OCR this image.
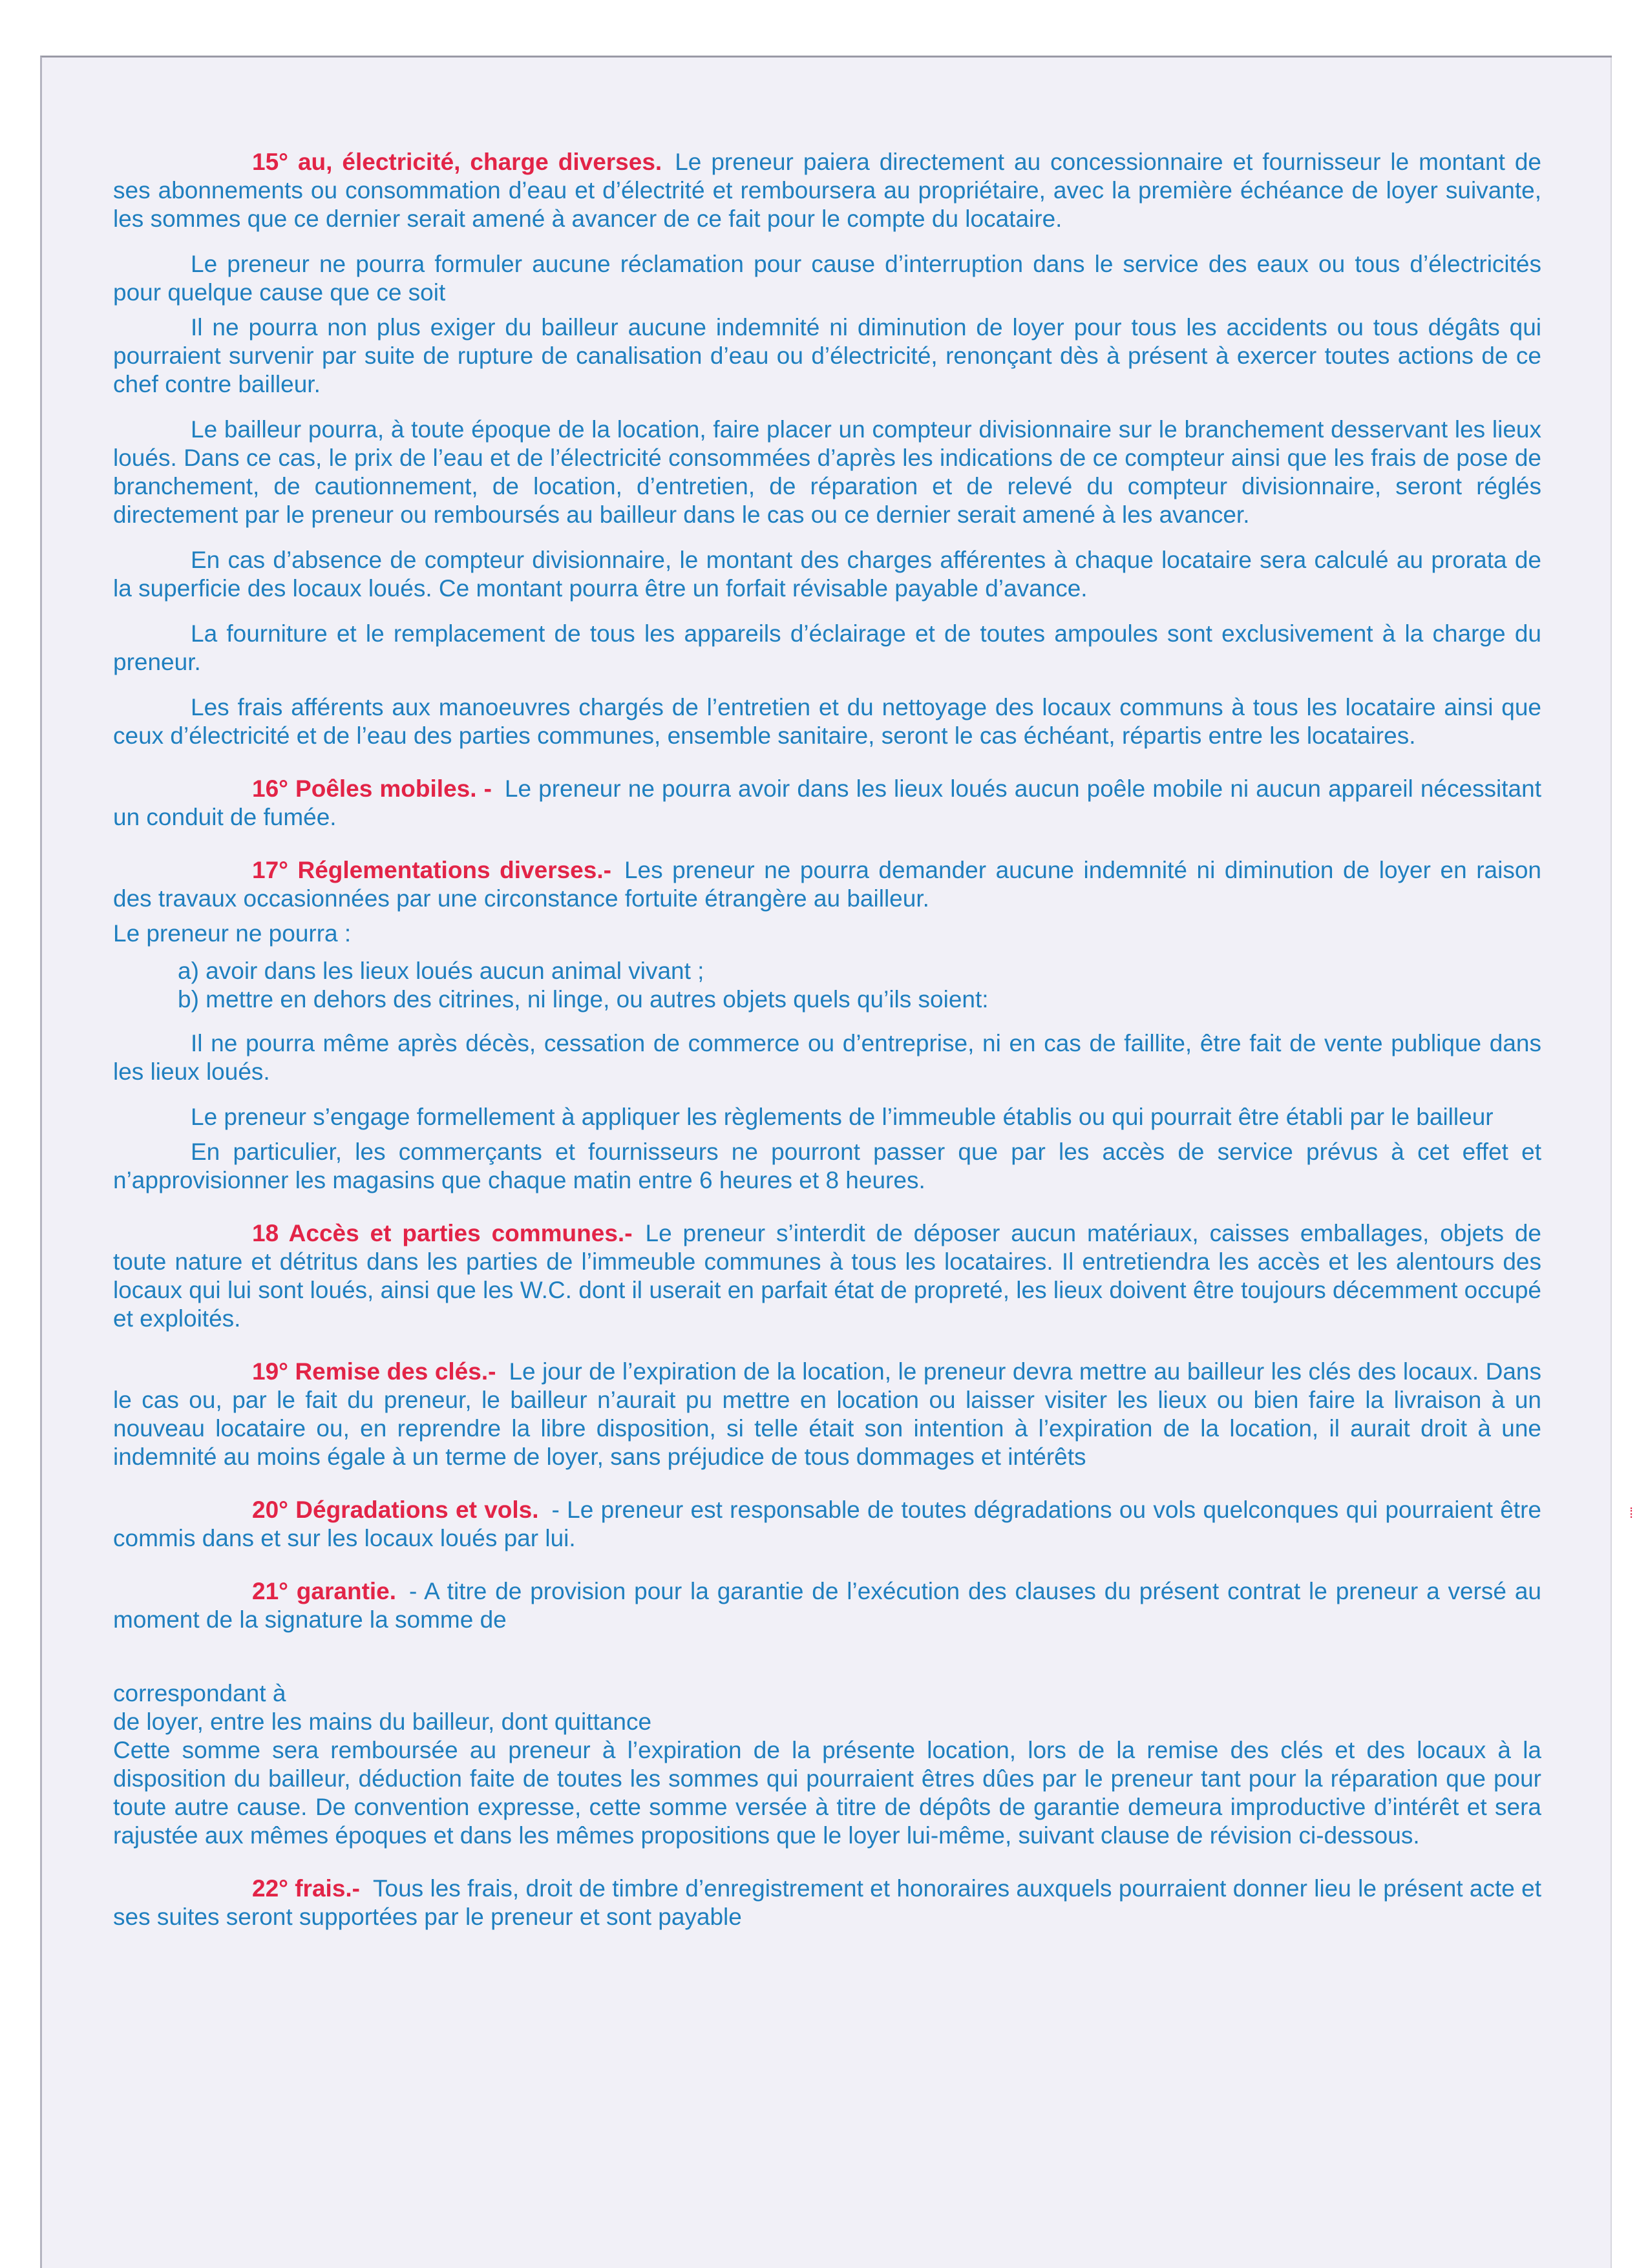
15° au, électricité, charge diverses. Le preneur paiera directement au concessionnaire et fournisseur le montant de ses abonnements ou consommation d’eau et d’électrité et remboursera au propriétaire, avec la première échéance de loyer suivante, les sommes que ce dernier serait amené à avancer de ce fait pour le compte du locataire.

Le preneur ne pourra formuler aucune réclamation pour cause d’interruption dans le service des eaux ou tous d’électricités pour quelque cause que ce soit

Il ne pourra non plus exiger du bailleur aucune indemnité ni diminution de loyer pour tous les accidents ou tous dégâts qui pourraient survenir par suite de rupture de canalisation d’eau ou d’électricité, renonçant dès à présent à exercer toutes actions de ce chef contre bailleur.

Le bailleur pourra, à toute époque de la location, faire placer un compteur divisionnaire sur le branchement desservant les lieux loués. Dans ce cas, le prix de l’eau et de l’électricité consommées d’après les indications de ce compteur ainsi que les frais de pose de branchement, de cautionnement, de location, d’entretien, de réparation et de relevé du compteur divisionnaire, seront réglés directement par le preneur ou remboursés au bailleur dans le cas ou ce dernier serait amené à les avancer.

En cas d’absence de compteur divisionnaire, le montant des charges afférentes à chaque locataire sera calculé au prorata de la superficie des locaux loués. Ce montant pourra être un forfait révisable payable d’avance.

La fourniture et le remplacement de tous les appareils d’éclairage et de toutes ampoules sont exclusivement à la charge du preneur.

Les frais afférents aux manoeuvres chargés de l’entretien et du nettoyage des locaux communs à tous les locataire ainsi que ceux d’électricité et de l’eau des parties communes, ensemble sanitaire, seront le cas échéant, répartis entre les locataires.

16° Poêles mobiles. - Le preneur ne pourra avoir dans les lieux loués aucun poêle mobile ni aucun appareil nécessitant un conduit de fumée.

17° Réglementations diverses.- Les preneur ne pourra demander aucune indemnité ni diminution de loyer en raison des travaux occasionnées par une circonstance fortuite étrangère au bailleur.

Le preneur ne pourra :

a) avoir dans les lieux loués aucun animal vivant ;
b) mettre en dehors des citrines, ni linge, ou autres objets quels qu’ils soient:

Il ne pourra même après décès, cessation de commerce ou d’entreprise, ni en cas de faillite, être fait de vente publique dans les lieux loués.

Le preneur s’engage formellement à appliquer les règlements de l’immeuble établis ou qui pourrait être établi par le bailleur

En particulier, les commerçants et fournisseurs ne pourront passer que par les accès de service prévus à cet effet et n’approvisionner les magasins que chaque matin entre 6 heures et 8 heures.

18 Accès et parties communes.- Le preneur s’interdit de déposer aucun matériaux, caisses emballages, objets de toute nature et détritus dans les parties de l’immeuble communes à tous les locataires. Il entretiendra les accès et les alentours des locaux qui lui sont loués, ainsi que les W.C. dont il userait en parfait état de propreté, les lieux doivent être toujours décemment occupé et exploités.

19° Remise des clés.- Le jour de l’expiration de la location, le preneur devra mettre au bailleur les clés des locaux. Dans le cas ou, par le fait du preneur, le bailleur n’aurait pu mettre en location ou laisser visiter les lieux ou bien faire la livraison à un nouveau locataire ou, en reprendre la libre disposition, si telle était son intention à l’expiration de la location, il aurait droit à une indemnité au moins égale à un terme de loyer, sans préjudice de tous dommages et intérêts

20° Dégradations et vols. - Le preneur est responsable de toutes dégradations ou vols quelconques qui pourraient être commis dans et sur les locaux loués par lui.

21° garantie. - A titre de provision pour la garantie de l’exécution des clauses du présent contrat le preneur a versé au moment de la signature la somme de

correspondant à
de loyer, entre les mains du bailleur, dont quittance

Cette somme sera remboursée au preneur à l’expiration de la présente location, lors de la remise des clés et des locaux à la disposition du bailleur, déduction faite de toutes les sommes qui pourraient êtres dûes par le preneur tant pour la réparation que pour toute autre cause. De convention expresse, cette somme versée à titre de dépôts de garantie demeura improductive d’intérêt et sera rajustée aux mêmes époques et dans les mêmes propositions que le loyer lui-même, suivant clause de révision ci-dessous.

22° frais.- Tous les frais, droit de timbre d’enregistrement et honoraires auxquels pourraient donner lieu le présent acte et ses suites seront supportées par le preneur et sont payable

⁞
